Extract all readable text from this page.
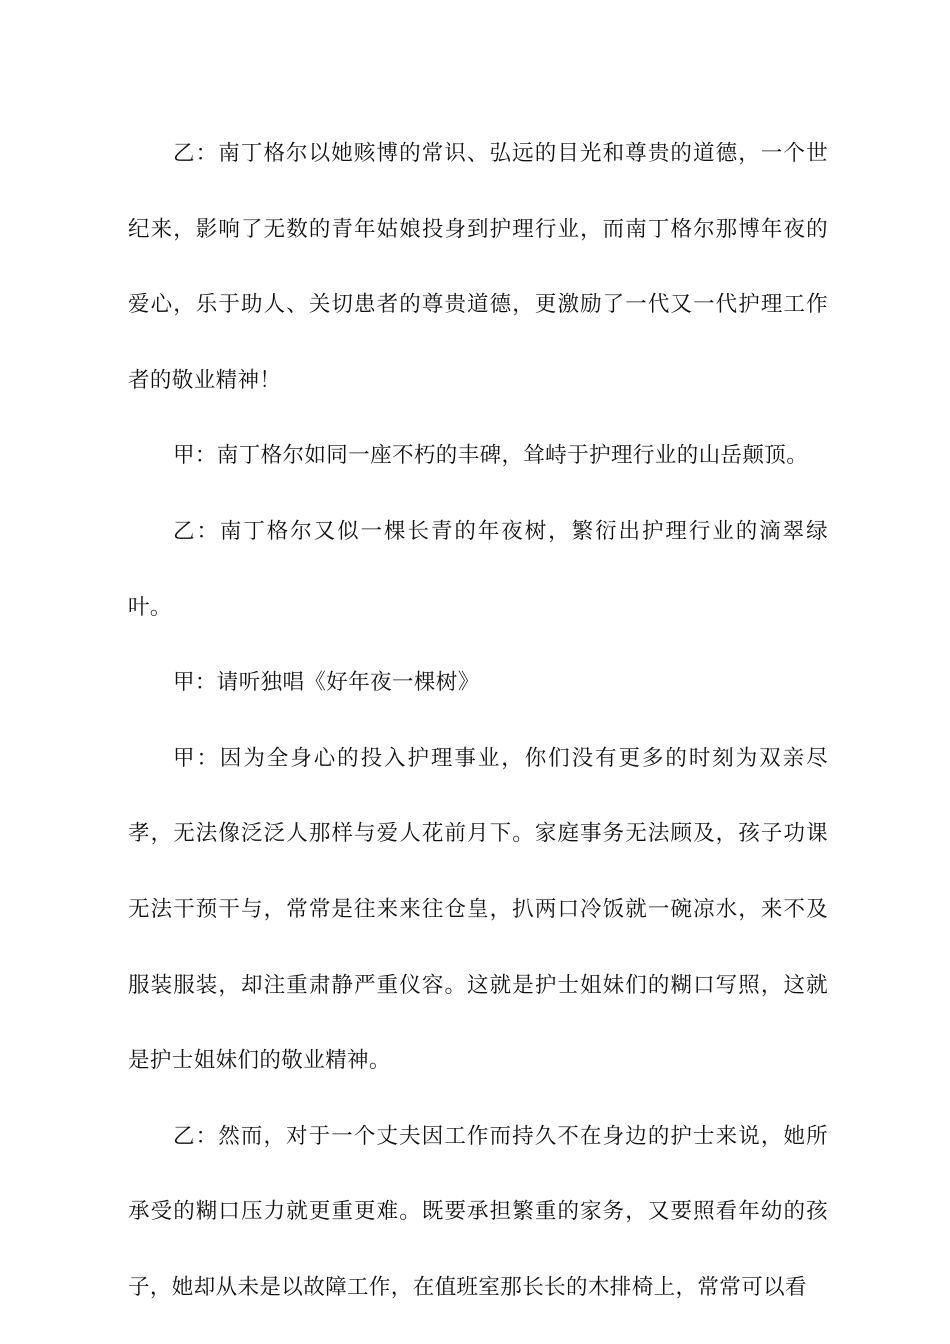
乙：南丁格尔以她赅博的常识、弘远的目光和尊贵的道德，一个世纪来，影响了无数的青年姑娘投身到护理行业，而南丁格尔那博年夜的爱心，乐于助人、关切患者的尊贵道德，更激励了一代又一代护理工作者的敬业精神！

甲：南丁格尔如同一座不朽的丰碑，耸峙于护理行业的山岳颠顶。

乙：南丁格尔又似一棵长青的年夜树，繁衍出护理行业的滴翠绿叶。

甲：请听独唱《好年夜一棵树》

甲：因为全身心的投入护理事业，你们没有更多的时刻为双亲尽孝，无法像泛泛人那样与爱人花前月下。家庭事务无法顾及，孩子功课无法干预干与，常常是往来来往仓皇，扒两口冷饭就一碗凉水，来不及服装服装，却注重肃静严重仪容。这就是护士姐妹们的糊口写照，这就是护士姐妹们的敬业精神。

乙：然而，对于一个丈夫因工作而持久不在身边的护士来说，她所承受的糊口压力就更重更难。既要承担繁重的家务，又要照看年幼的孩子，她却从未是以故障工作，在值班室那长长的木排椅上，常常可以看
